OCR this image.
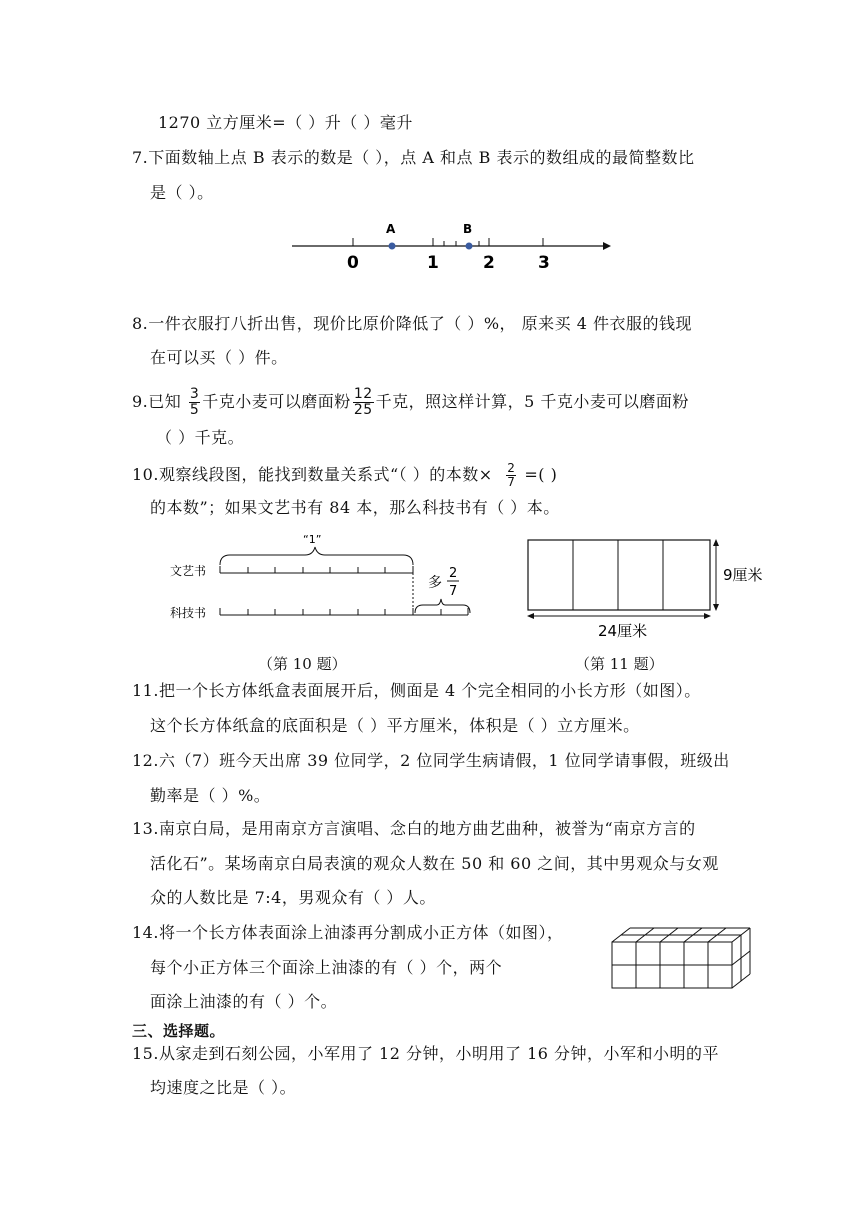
1270 立方厘米=（ ）升（ ）毫升
7.下面数轴上点 B 表示的数是（ ），点 A 和点 B 表示的数组成的最简整数比
是（ ）。
A	B
0	1	2	3
8.一件衣服打八折出售，现价比原价降低了（ ）%， 原来买 4 件衣服的钱现
在可以买（ ）件。
9.已知 $\frac{3}{5}$ 千克小麦可以磨面粉 $\frac{12}{25}$ 千克，照这样计算，5 千克小麦可以磨面粉
（ ）千克。
10.观察线段图，能找到数量关系式“（ ）的本数× $\frac{2}{7}$ =( )
的本数”；如果文艺书有 84 本，那么科技书有（ ）本。
“1”
文艺书
科技书
多
2
7
9厘米
24厘米
（第 10 题）	（第 11 题）
11.把一个长方体纸盒表面展开后，侧面是 4 个完全相同的小长方形（如图）。
这个长方体纸盒的底面积是（ ）平方厘米，体积是（ ）立方厘米。
12.六（7）班今天出席 39 位同学，2 位同学生病请假，1 位同学请事假，班级出
勤率是（ ）%。
13.南京白局，是用南京方言演唱、念白的地方曲艺曲种，被誉为“南京方言的
活化石”。某场南京白局表演的观众人数在 50 和 60 之间，其中男观众与女观
众的人数比是 7:4，男观众有（ ）人。
14.将一个长方体表面涂上油漆再分割成小正方体（如图），
每个小正方体三个面涂上油漆的有（ ）个，两个
面涂上油漆的有（ ）个。
三、选择题。
15.从家走到石刻公园，小军用了 12 分钟，小明用了 16 分钟，小军和小明的平
均速度之比是（ ）。
